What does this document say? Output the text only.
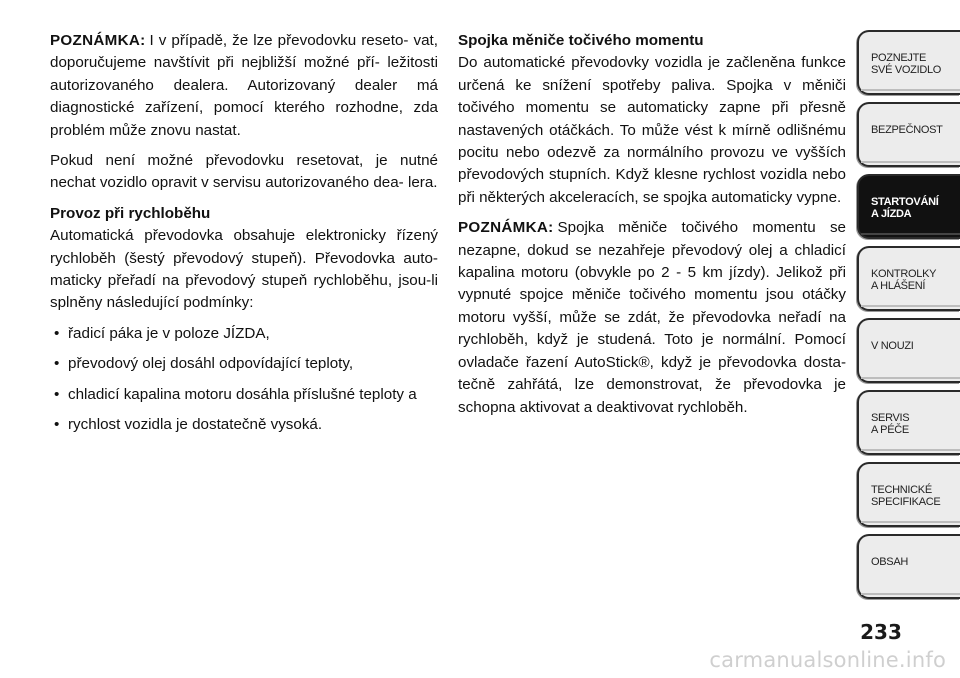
POZNÁMKA: I v případě, že lze převodovku reseto- vat, doporučujeme navštívit při nejbližší možné pří- ležitosti autorizovaného dealera. Autorizovaný dealer má diagnostické zařízení, pomocí kterého rozhodne, zda problém může znovu nastat.

Pokud není možné převodovku resetovat, je nutné nechat vozidlo opravit v servisu autorizovaného dea- lera.

Provoz při rychloběhu

Automatická převodovka obsahuje elektronicky řízený rychloběh (šestý převodový stupeň). Převodovka auto- maticky přeřadí na převodový stupeň rychloběhu, jsou-li splněny následující podmínky:

• řadicí páka je v poloze JÍZDA,
• převodový olej dosáhl odpovídající teploty,
• chladicí kapalina motoru dosáhla příslušné teploty a
• rychlost vozidla je dostatečně vysoká.

Spojka měniče točivého momentu

Do automatické převodovky vozidla je začleněna funkce určená ke snížení spotřeby paliva. Spojka v měniči točivého momentu se automaticky zapne při přesně nastavených otáčkách. To může vést k mírně odlišnému pocitu nebo odezvě za normálního provozu ve vyšších převodových stupních. Když klesne rychlost vozidla nebo při některých akceleracích, se spojka automaticky vypne.

POZNÁMKA: Spojka měniče točivého momentu se nezapne, dokud se nezahřeje převodový olej a chladicí kapalina motoru (obvykle po 2 - 5 km jízdy). Jelikož při vypnuté spojce měniče točivého momentu jsou otáčky motoru vyšší, může se zdát, že převodovka neřadí na rychloběh, když je studená. Toto je normální. Pomocí ovladače řazení AutoStick®, když je převodovka dosta- tečně zahřátá, lze demonstrovat, že převodovka je schopna aktivovat a deaktivovat rychloběh.

POZNEJTE
SVÉ VOZIDLO
BEZPEČNOST
STARTOVÁNÍ
A JÍZDA
KONTROLKY
A HLÁŠENÍ
V NOUZI
SERVIS
A PÉČE
TECHNICKÉ
SPECIFIKACE
OBSAH
233
carmanualsonline.info
